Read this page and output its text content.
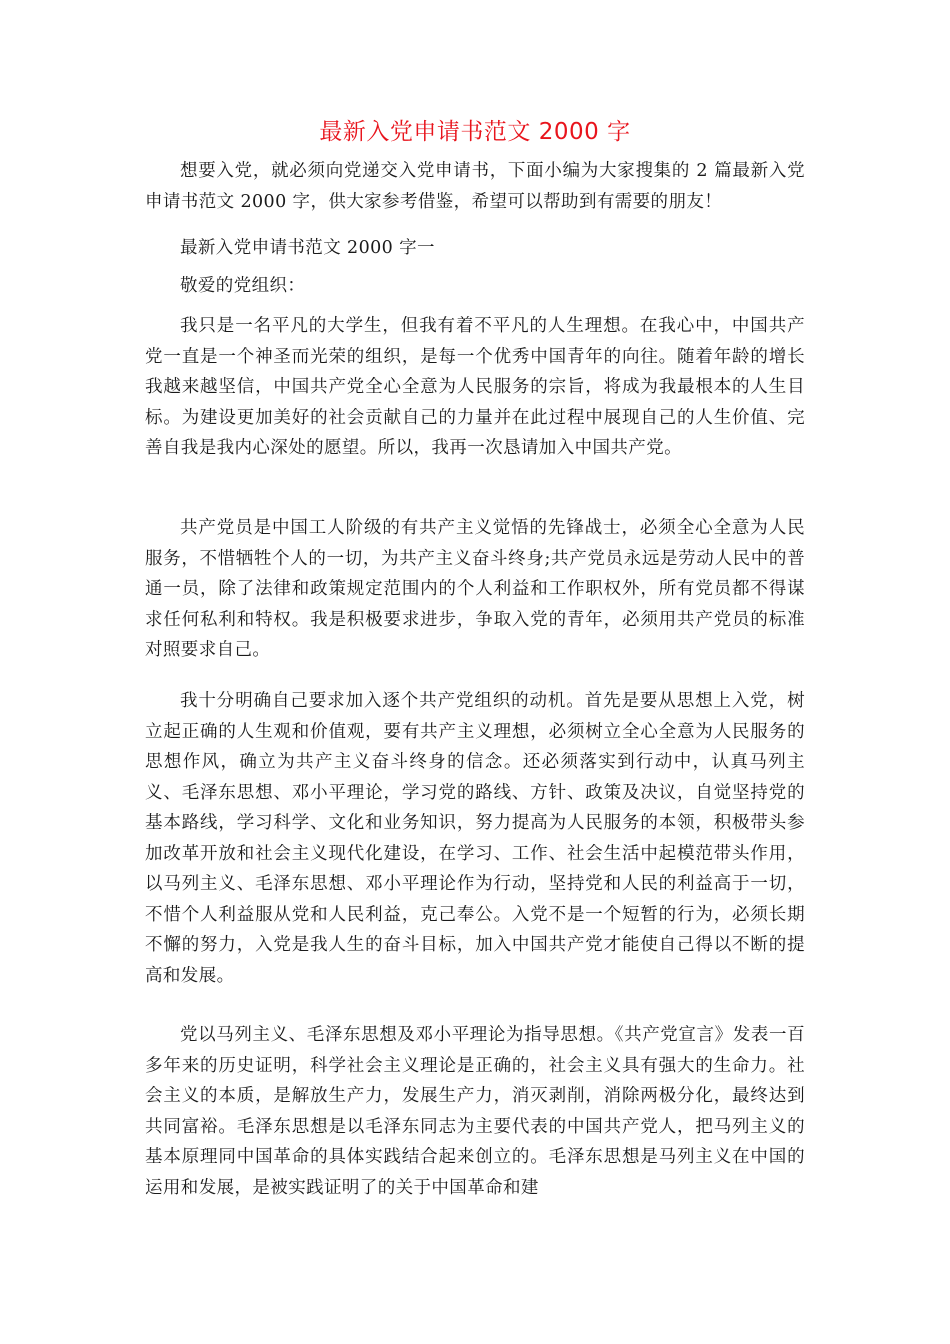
最新入党申请书范文 2000 字

想要入党，就必须向党递交入党申请书，下面小编为大家搜集的 2 篇最新入党申请书范文 2000 字，供大家参考借鉴，希望可以帮助到有需要的朋友！

最新入党申请书范文 2000 字一

敬爱的党组织：

我只是一名平凡的大学生，但我有着不平凡的人生理想。在我心中，中国共产党一直是一个神圣而光荣的组织，是每一个优秀中国青年的向往。随着年龄的增长我越来越坚信，中国共产党全心全意为人民服务的宗旨，将成为我最根本的人生目标。为建设更加美好的社会贡献自己的力量并在此过程中展现自己的人生价值、完善自我是我内心深处的愿望。所以，我再一次恳请加入中国共产党。

共产党员是中国工人阶级的有共产主义觉悟的先锋战士，必须全心全意为人民服务，不惜牺牲个人的一切，为共产主义奋斗终身;共产党员永远是劳动人民中的普通一员，除了法律和政策规定范围内的个人利益和工作职权外，所有党员都不得谋求任何私利和特权。我是积极要求进步，争取入党的青年，必须用共产党员的标准对照要求自己。

我十分明确自己要求加入逐个共产党组织的动机。首先是要从思想上入党，树立起正确的人生观和价值观，要有共产主义理想，必须树立全心全意为人民服务的思想作风，确立为共产主义奋斗终身的信念。还必须落实到行动中，认真马列主义、毛泽东思想、邓小平理论，学习党的路线、方针、政策及决议，自觉坚持党的基本路线，学习科学、文化和业务知识，努力提高为人民服务的本领，积极带头参加改革开放和社会主义现代化建设，在学习、工作、社会生活中起模范带头作用，以马列主义、毛泽东思想、邓小平理论作为行动，坚持党和人民的利益高于一切，不惜个人利益服从党和人民利益，克己奉公。入党不是一个短暂的行为，必须长期不懈的努力，入党是我人生的奋斗目标，加入中国共产党才能使自己得以不断的提高和发展。

党以马列主义、毛泽东思想及邓小平理论为指导思想。《共产党宣言》发表一百多年来的历史证明，科学社会主义理论是正确的，社会主义具有强大的生命力。社会主义的本质，是解放生产力，发展生产力，消灭剥削，消除两极分化，最终达到共同富裕。毛泽东思想是以毛泽东同志为主要代表的中国共产党人，把马列主义的基本原理同中国革命的具体实践结合起来创立的。毛泽东思想是马列主义在中国的运用和发展，是被实践证明了的关于中国革命和建
